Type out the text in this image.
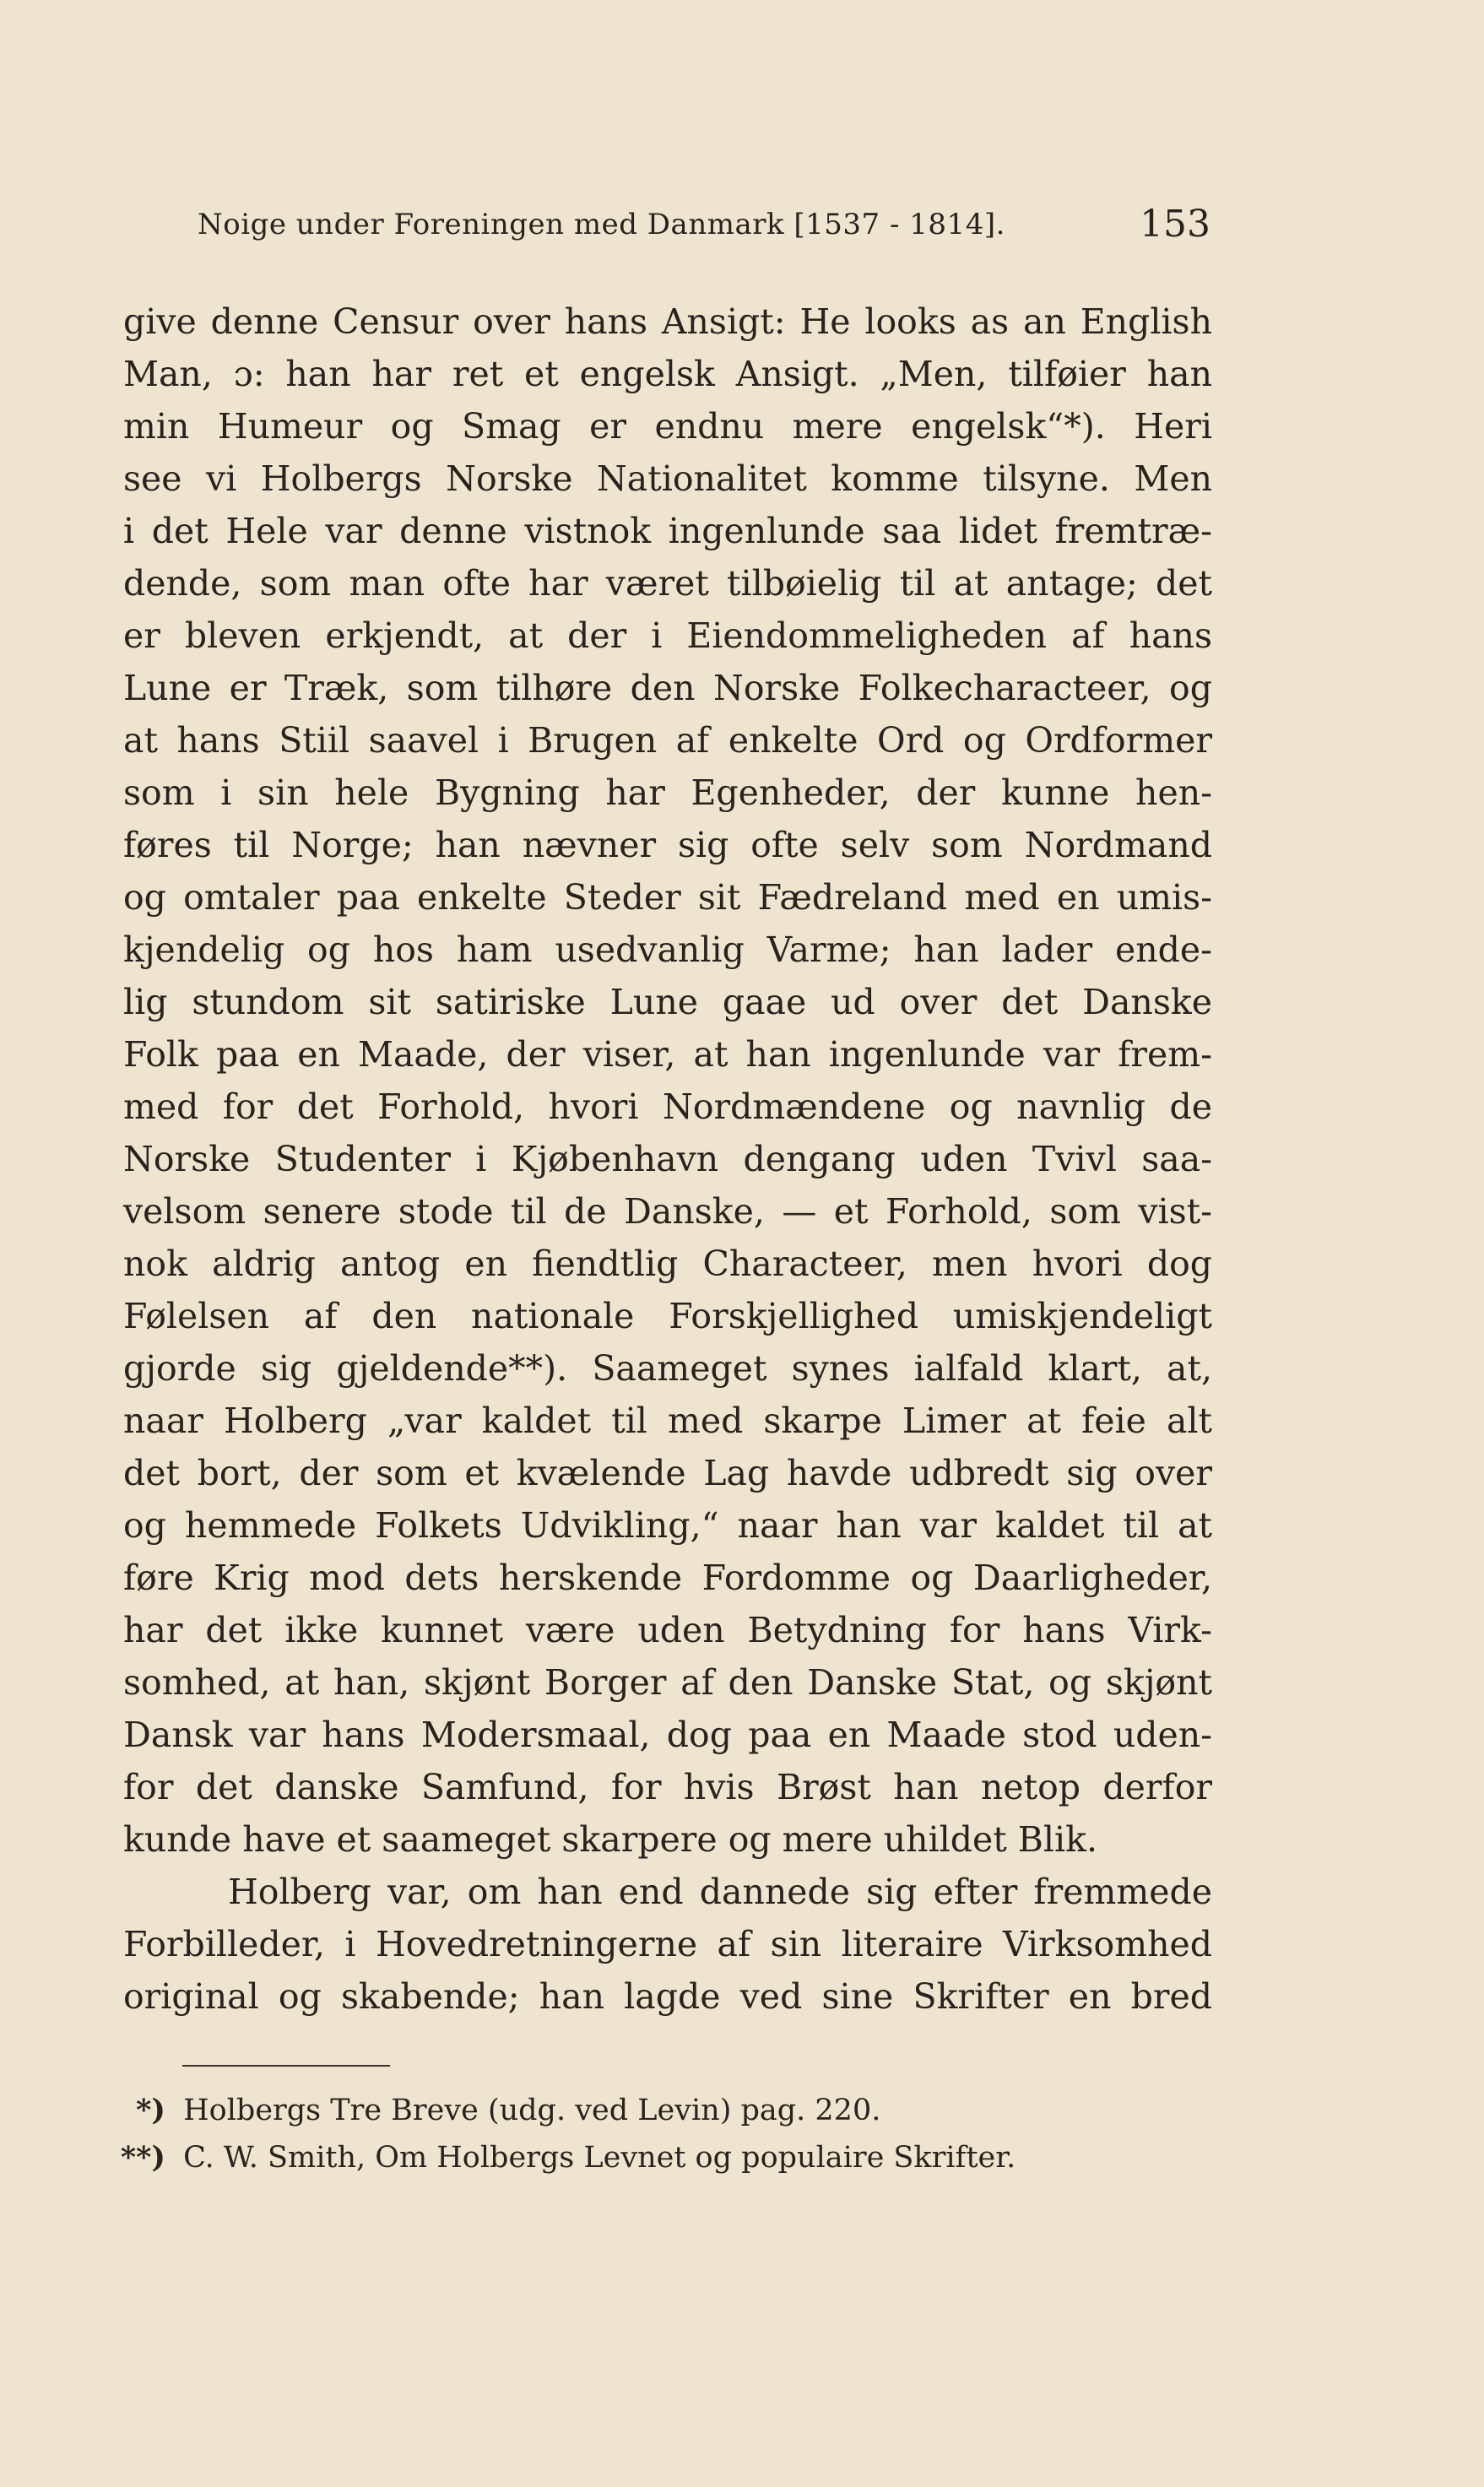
Noige under Foreningen med Danmark [1537 - 1814].	153
give denne Censur over hans Ansigt: He looks as an English
Man, ɔ: han har ret et engelsk Ansigt. „Men, tilføier han
min Humeur og Smag er endnu mere engelsk“*). Heri
see vi Holbergs Norske Nationalitet komme tilsyne. Men
i det Hele var denne vistnok ingenlunde saa lidet fremtræ-
dende, som man ofte har været tilbøielig til at antage; det
er bleven erkjendt, at der i Eiendommeligheden af hans
Lune er Træk, som tilhøre den Norske Folkecharacteer, og
at hans Stiil saavel i Brugen af enkelte Ord og Ordformer
som i sin hele Bygning har Egenheder, der kunne hen-
føres til Norge; han nævner sig ofte selv som Nordmand
og omtaler paa enkelte Steder sit Fædreland med en umis-
kjendelig og hos ham usedvanlig Varme; han lader ende-
lig stundom sit satiriske Lune gaae ud over det Danske
Folk paa en Maade, der viser, at han ingenlunde var frem-
med for det Forhold, hvori Nordmændene og navnlig de
Norske Studenter i Kjøbenhavn dengang uden Tvivl saa-
velsom senere stode til de Danske, — et Forhold, som vist-
nok aldrig antog en fiendtlig Characteer, men hvori dog
Følelsen af den nationale Forskjellighed umiskjendeligt
gjorde sig gjeldende**). Saameget synes ialfald klart, at,
naar Holberg „var kaldet til med skarpe Limer at feie alt
det bort, der som et kvælende Lag havde udbredt sig over
og hemmede Folkets Udvikling,“ naar han var kaldet til at
føre Krig mod dets herskende Fordomme og Daarligheder,
har det ikke kunnet være uden Betydning for hans Virk-
somhed, at han, skjønt Borger af den Danske Stat, og skjønt
Dansk var hans Modersmaal, dog paa en Maade stod uden-
for det danske Samfund, for hvis Brøst han netop derfor
kunde have et saameget skarpere og mere uhildet Blik.
Holberg var, om han end dannede sig efter fremmede
Forbilleder, i Hovedretningerne af sin literaire Virksomhed
original og skabende; han lagde ved sine Skrifter en bred
*) Holbergs Tre Breve (udg. ved Levin) pag. 220.
**) C. W. Smith, Om Holbergs Levnet og populaire Skrifter.
